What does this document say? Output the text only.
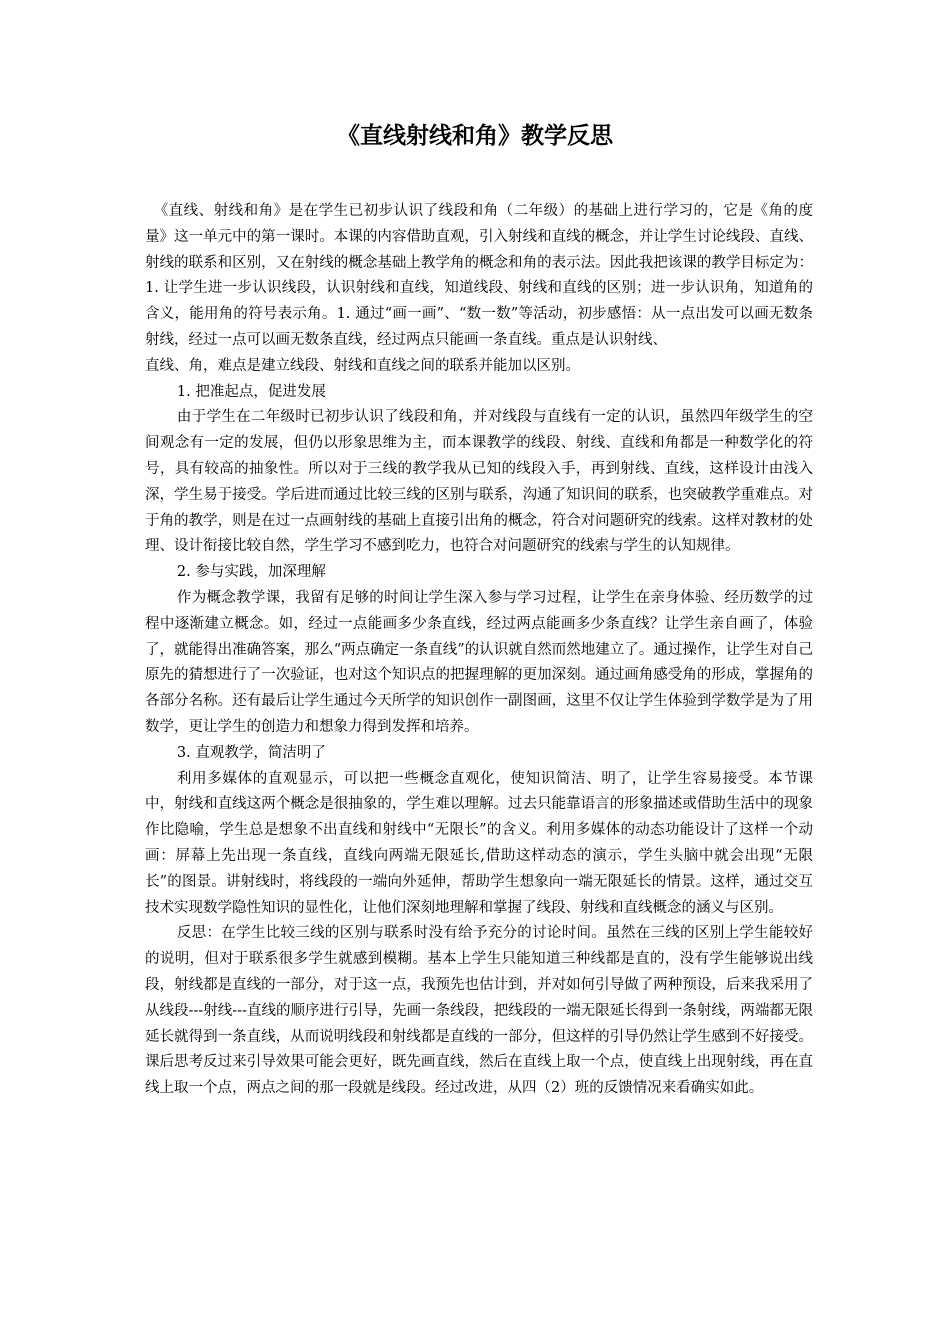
《直线射线和角》教学反思

《直线、射线和角》是在学生已初步认识了线段和角（二年级）的基础上进行学习的，它是《角的度量》这一单元中的第一课时。本课的内容借助直观，引入射线和直线的概念，并让学生讨论线段、直线、射线的联系和区别，又在射线的概念基础上教学角的概念和角的表示法。因此我把该课的教学目标定为：1. 让学生进一步认识线段，认识射线和直线，知道线段、射线和直线的区别；进一步认识角，知道角的含义，能用角的符号表示角。1. 通过“画一画”、“数一数”等活动，初步感悟：从一点出发可以画无数条射线，经过一点可以画无数条直线，经过两点只能画一条直线。重点是认识射线、

直线、角，难点是建立线段、射线和直线之间的联系并能加以区别。

1. 把准起点，促进发展

由于学生在二年级时已初步认识了线段和角，并对线段与直线有一定的认识，虽然四年级学生的空间观念有一定的发展，但仍以形象思维为主，而本课教学的线段、射线、直线和角都是一种数学化的符号，具有较高的抽象性。所以对于三线的教学我从已知的线段入手，再到射线、直线，这样设计由浅入深，学生易于接受。学后进而通过比较三线的区别与联系，沟通了知识间的联系，也突破教学重难点。对于角的教学，则是在过一点画射线的基础上直接引出角的概念，符合对问题研究的线索。这样对教材的处理、设计衔接比较自然，学生学习不感到吃力，也符合对问题研究的线索与学生的认知规律。

2. 参与实践，加深理解

作为概念教学课，我留有足够的时间让学生深入参与学习过程，让学生在亲身体验、经历数学的过程中逐渐建立概念。如，经过一点能画多少条直线，经过两点能画多少条直线？让学生亲自画了，体验了，就能得出准确答案，那么“两点确定一条直线”的认识就自然而然地建立了。通过操作，让学生对自己原先的猜想进行了一次验证，也对这个知识点的把握理解的更加深刻。通过画角感受角的形成，掌握角的各部分名称。还有最后让学生通过今天所学的知识创作一副图画，这里不仅让学生体验到学数学是为了用数学，更让学生的创造力和想象力得到发挥和培养。

3. 直观教学，简洁明了

利用多媒体的直观显示，可以把一些概念直观化，使知识简洁、明了，让学生容易接受。本节课中，射线和直线这两个概念是很抽象的，学生难以理解。过去只能靠语言的形象描述或借助生活中的现象作比隐喻，学生总是想象不出直线和射线中“无限长”的含义。利用多媒体的动态功能设计了这样一个动画：屏幕上先出现一条直线，直线向两端无限延长,借助这样动态的演示，学生头脑中就会出现“无限长”的图景。讲射线时，将线段的一端向外延伸，帮助学生想象向一端无限延长的情景。这样，通过交互技术实现数学隐性知识的显性化，让他们深刻地理解和掌握了线段、射线和直线概念的涵义与区别。

反思：在学生比较三线的区别与联系时没有给予充分的讨论时间。虽然在三线的区别上学生能较好的说明，但对于联系很多学生就感到模糊。基本上学生只能知道三种线都是直的，没有学生能够说出线段，射线都是直线的一部分，对于这一点，我预先也估计到，并对如何引导做了两种预设，后来我采用了从线段---射线---直线的顺序进行引导，先画一条线段，把线段的一端无限延长得到一条射线，两端都无限延长就得到一条直线，从而说明线段和射线都是直线的一部分，但这样的引导仍然让学生感到不好接受。课后思考反过来引导效果可能会更好，既先画直线，然后在直线上取一个点，使直线上出现射线，再在直线上取一个点，两点之间的那一段就是线段。经过改进，从四（2）班的反馈情况来看确实如此。
